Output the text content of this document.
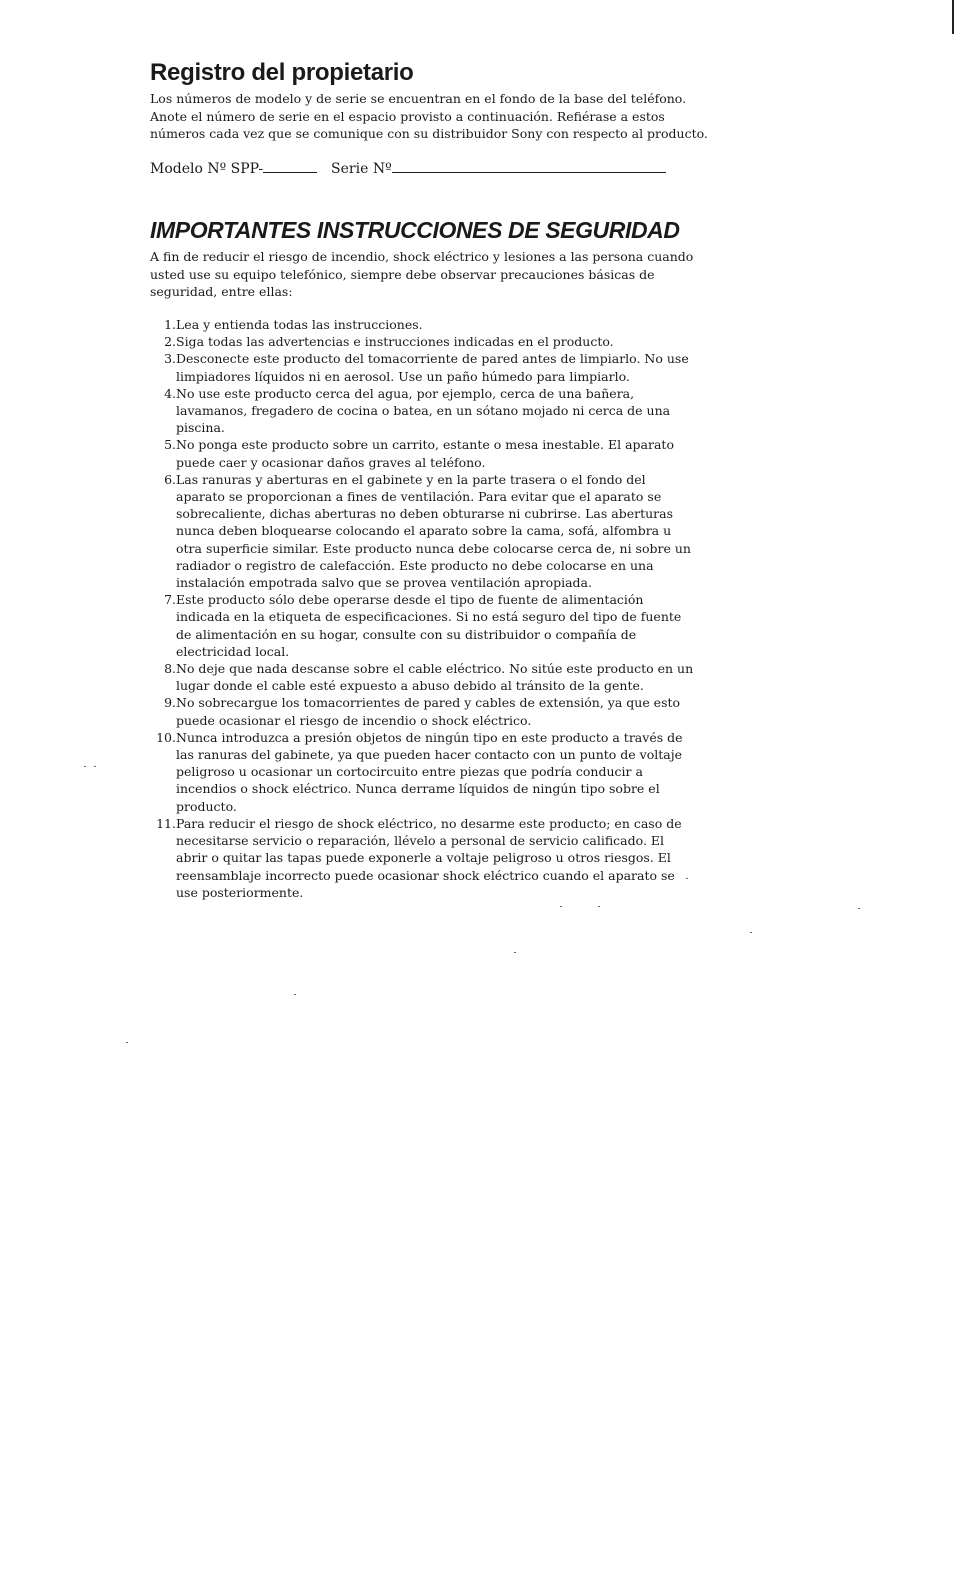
Registro del propietario

Los números de modelo y de serie se encuentran en el fondo de la base del teléfono. Anote el número de serie en el espacio provisto a continuación. Refiérase a estos números cada vez que se comunique con su distribuidor Sony con respecto al producto.

Modelo Nº SPP-	Serie Nº
IMPORTANTES INSTRUCCIONES DE SEGURIDAD

A fin de reducir el riesgo de incendio, shock eléctrico y lesiones a las persona cuando usted use su equipo telefónico, siempre debe observar precauciones básicas de seguridad, entre ellas:

1. Lea y entienda todas las instrucciones.
2. Siga todas las advertencias e instrucciones indicadas en el producto.
3. Desconecte este producto del tomacorriente de pared antes de limpiarlo. No use limpiadores líquidos ni en aerosol. Use un paño húmedo para limpiarlo.
4. No use este producto cerca del agua, por ejemplo, cerca de una bañera, lavamanos, fregadero de cocina o batea, en un sótano mojado ni cerca de una piscina.
5. No ponga este producto sobre un carrito, estante o mesa inestable. El aparato puede caer y ocasionar daños graves al teléfono.
6. Las ranuras y aberturas en el gabinete y en la parte trasera o el fondo del aparato se proporcionan a fines de ventilación. Para evitar que el aparato se sobrecaliente, dichas aberturas no deben obturarse ni cubrirse. Las aberturas nunca deben bloquearse colocando el aparato sobre la cama, sofá, alfombra u otra superficie similar. Este producto nunca debe colocarse cerca de, ni sobre un radiador o registro de calefacción. Este producto no debe colocarse en una instalación empotrada salvo que se provea ventilación apropiada.
7. Este producto sólo debe operarse desde el tipo de fuente de alimentación indicada en la etiqueta de especificaciones. Si no está seguro del tipo de fuente de alimentación en su hogar, consulte con su distribuidor o compañía de electricidad local.
8. No deje que nada descanse sobre el cable eléctrico. No sitúe este producto en un lugar donde el cable esté expuesto a abuso debido al tránsito de la gente.
9. No sobrecargue los tomacorrientes de pared y cables de extensión, ya que esto puede ocasionar el riesgo de incendio o shock eléctrico.
10. Nunca introduzca a presión objetos de ningún tipo en este producto a través de las ranuras del gabinete, ya que pueden hacer contacto con un punto de voltaje peligroso u ocasionar un cortocircuito entre piezas que podría conducir a incendios o shock eléctrico. Nunca derrame líquidos de ningún tipo sobre el producto.
11. Para reducir el riesgo de shock eléctrico, no desarme este producto; en caso de necesitarse servicio o reparación, llévelo a personal de servicio calificado. El abrir o quitar las tapas puede exponerle a voltaje peligroso u otros riesgos. El reensamblaje incorrecto puede ocasionar shock eléctrico cuando el aparato se use posteriormente.
